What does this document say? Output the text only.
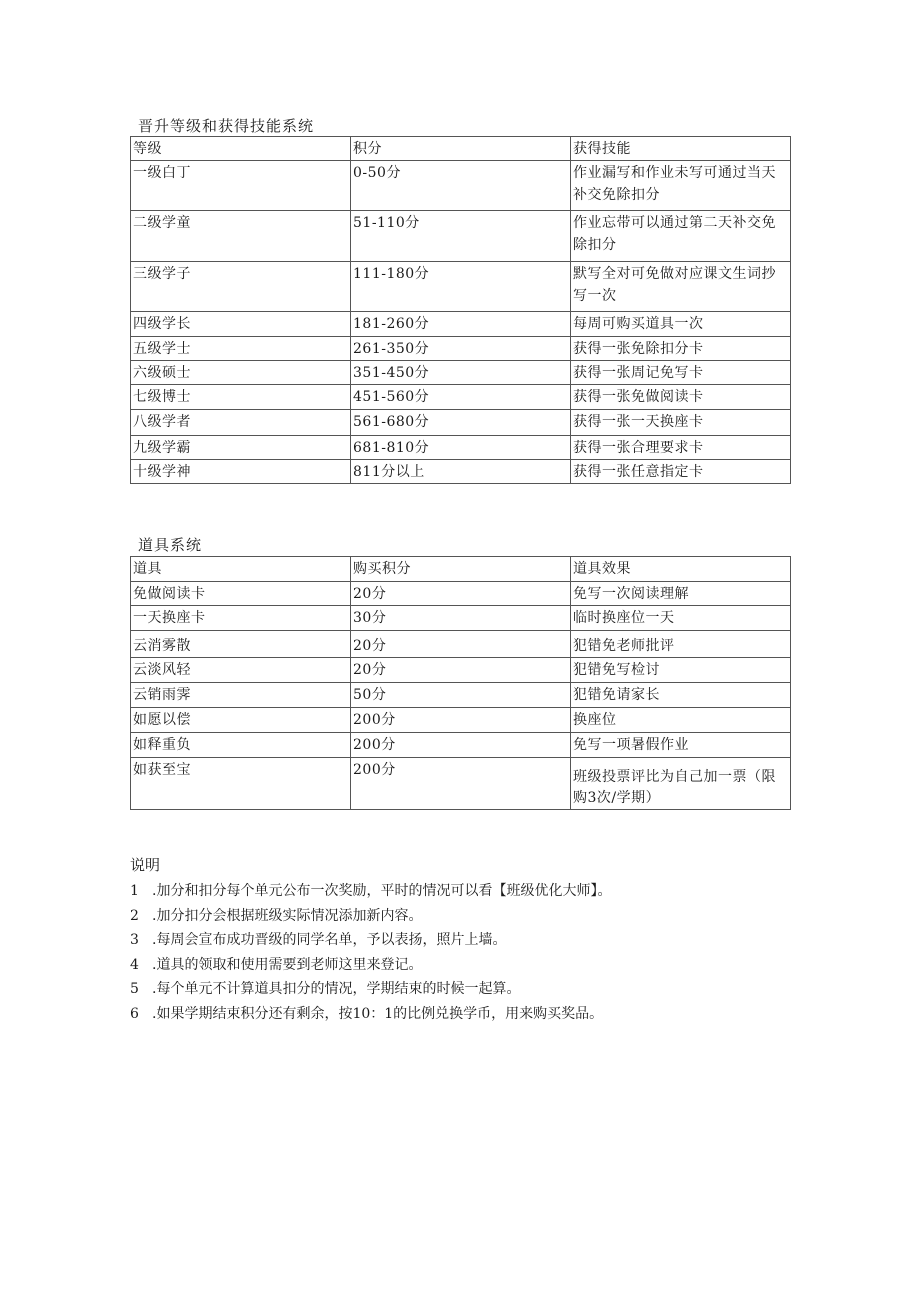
晋升等级和获得技能系统
等级	积分	获得技能
一级白丁	0-50分	作业漏写和作业未写可通过当天补交免除扣分
二级学童	51-110分	作业忘带可以通过第二天补交免除扣分
三级学子	111-180分	默写全对可免做对应课文生词抄写一次
四级学长	181-260分	每周可购买道具一次
五级学士	261-350分	获得一张免除扣分卡
六级硕士	351-450分	获得一张周记免写卡
七级博士	451-560分	获得一张免做阅读卡
八级学者	561-680分	获得一张一天换座卡
九级学霸	681-810分	获得一张合理要求卡
十级学神	811分以上	获得一张任意指定卡
道具系统
道具	购买积分	道具效果
免做阅读卡	20分	免写一次阅读理解
一天换座卡	30分	临时换座位一天
云消雾散	20分	犯错免老师批评
云淡风轻	20分	犯错免写检讨
云销雨霁	50分	犯错免请家长
如愿以偿	200分	换座位
如释重负	200分	免写一项暑假作业
如获至宝	200分	班级投票评比为自己加一票（限购3次/学期）
说明
1 .加分和扣分每个单元公布一次奖励，平时的情况可以看【班级优化大师】。
2 .加分扣分会根据班级实际情况添加新内容。
3 .每周会宣布成功晋级的同学名单，予以表扬，照片上墙。
4 .道具的领取和使用需要到老师这里来登记。
5 .每个单元不计算道具扣分的情况，学期结束的时候一起算。
6 .如果学期结束积分还有剩余，按10：1的比例兑换学币，用来购买奖品。
